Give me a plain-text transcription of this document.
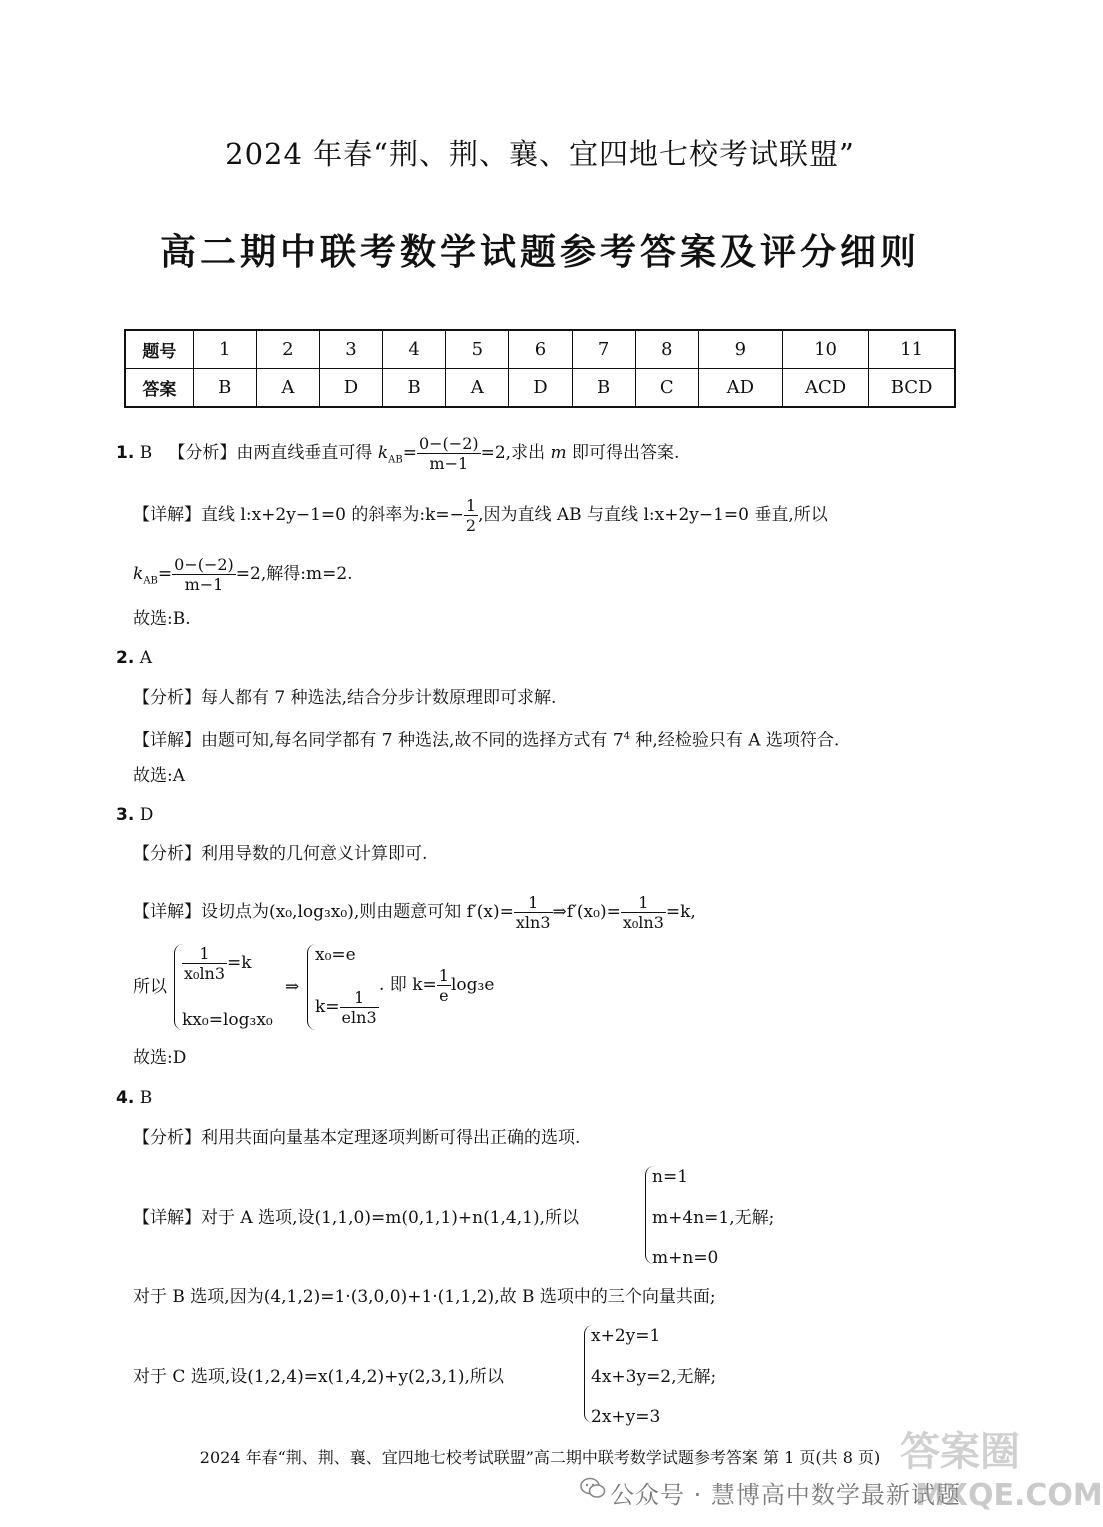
2024 年春“荆、荆、襄、宜四地七校考试联盟”
高二期中联考数学试题参考答案及评分细则
题号	1	2	3	4	5	6	7	8	9	10	11
答案	B	A	D	B	A	D	B	C	AD	ACD	BCD
1. B 【分析】由两直线垂直可得 $k_{AB}= \frac{0-(-2)}{m-1} =2$,求出 m 即可得出答案.
【详解】直线 l:x+2y−1=0 的斜率为:k=− $\frac{1}{2}$ ,因为直线 AB 与直线 l:x+2y−1=0 垂直,所以
$k_{AB}= \frac{0-(-2)}{m-1} =2$,解得:m=2.
故选:B.
2. A
【分析】每人都有 7 种选法,结合分步计数原理即可求解.
【详解】由题可知,每名同学都有 7 种选法,故不同的选择方式有 $7^4$ 种,经检验只有 A 选项符合.
故选:A
3. D
【分析】利用导数的几何意义计算即可.
【详解】设切点为(x₀,log₃x₀),则由题意可知 $f'(x)= \frac{1}{xln3}$ ⇒f′(x₀)= $\frac{1}{\text{x₀ln3}} =k$,
所以
$\frac{1}{\text{x₀ln3}} =k$
kx₀=log₃x₀
⇒
x₀=e
$k= \frac{1}{eln3}$
. 即 $k= \frac{1}{e} \log_3e$
故选:D
4. B
【分析】利用共面向量基本定理逐项判断可得出正确的选项.
【详解】对于 A 选项,设(1,1,0)=m(0,1,1)+n(1,4,1),所以
n=1
m+4n=1,无解;
m+n=0
对于 B 选项,因为(4,1,2)=1·(3,0,0)+1·(1,1,2),故 B 选项中的三个向量共面;
对于 C 选项,设(1,2,4)=x(1,4,2)+y(2,3,1),所以
x+2y=1
4x+3y=2,无解;
2x+y=3
2024 年春“荆、荆、襄、宜四地七校考试联盟”高二期中联考数学试题参考答案 第 1 页(共 8 页)
公众号 · 慧博高中数学最新试题
答案圈
MXQE.COM
